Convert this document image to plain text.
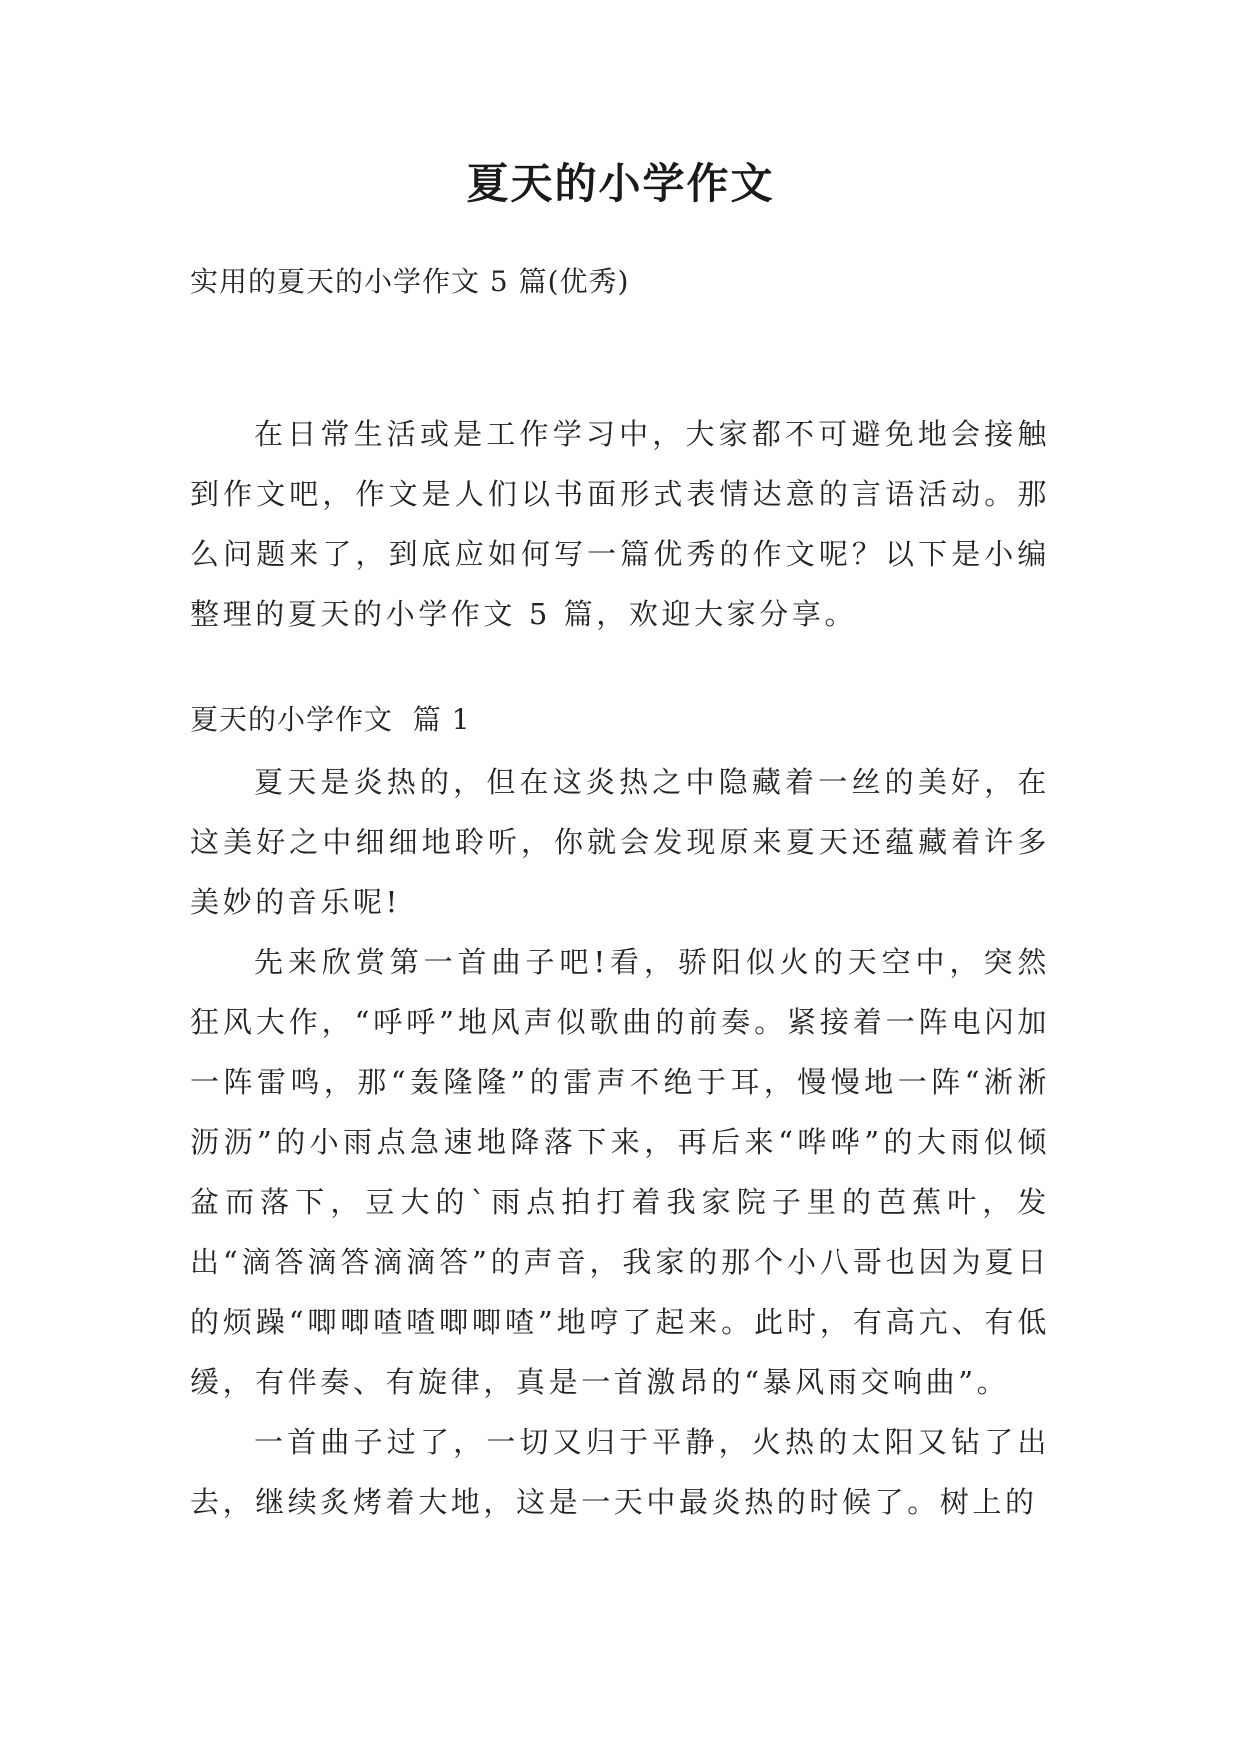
夏天的小学作文
实用的夏天的小学作文 5 篇(优秀)

在日常生活或是工作学习中，大家都不可避免地会接触到作文吧，作文是人们以书面形式表情达意的言语活动。那么问题来了，到底应如何写一篇优秀的作文呢？以下是小编整理的夏天的小学作文 5 篇，欢迎大家分享。

夏天的小学作文  篇 1

夏天是炎热的，但在这炎热之中隐藏着一丝的美好，在这美好之中细细地聆听，你就会发现原来夏天还蕴藏着许多美妙的音乐呢!

先来欣赏第一首曲子吧!看，骄阳似火的天空中，突然狂风大作，“呼呼”地风声似歌曲的前奏。紧接着一阵电闪加一阵雷鸣，那“轰隆隆”的雷声不绝于耳，慢慢地一阵“淅淅沥沥”的小雨点急速地降落下来，再后来“哗哗”的大雨似倾盆而落下，豆大的`雨点拍打着我家院子里的芭蕉叶，发出“滴答滴答滴滴答”的声音，我家的那个小八哥也因为夏日的烦躁“唧唧喳喳唧唧喳”地哼了起来。此时，有高亢、有低缓，有伴奏、有旋律，真是一首激昂的“暴风雨交响曲”。

一首曲子过了，一切又归于平静，火热的太阳又钻了出去，继续炙烤着大地，这是一天中最炎热的时候了。树上的
